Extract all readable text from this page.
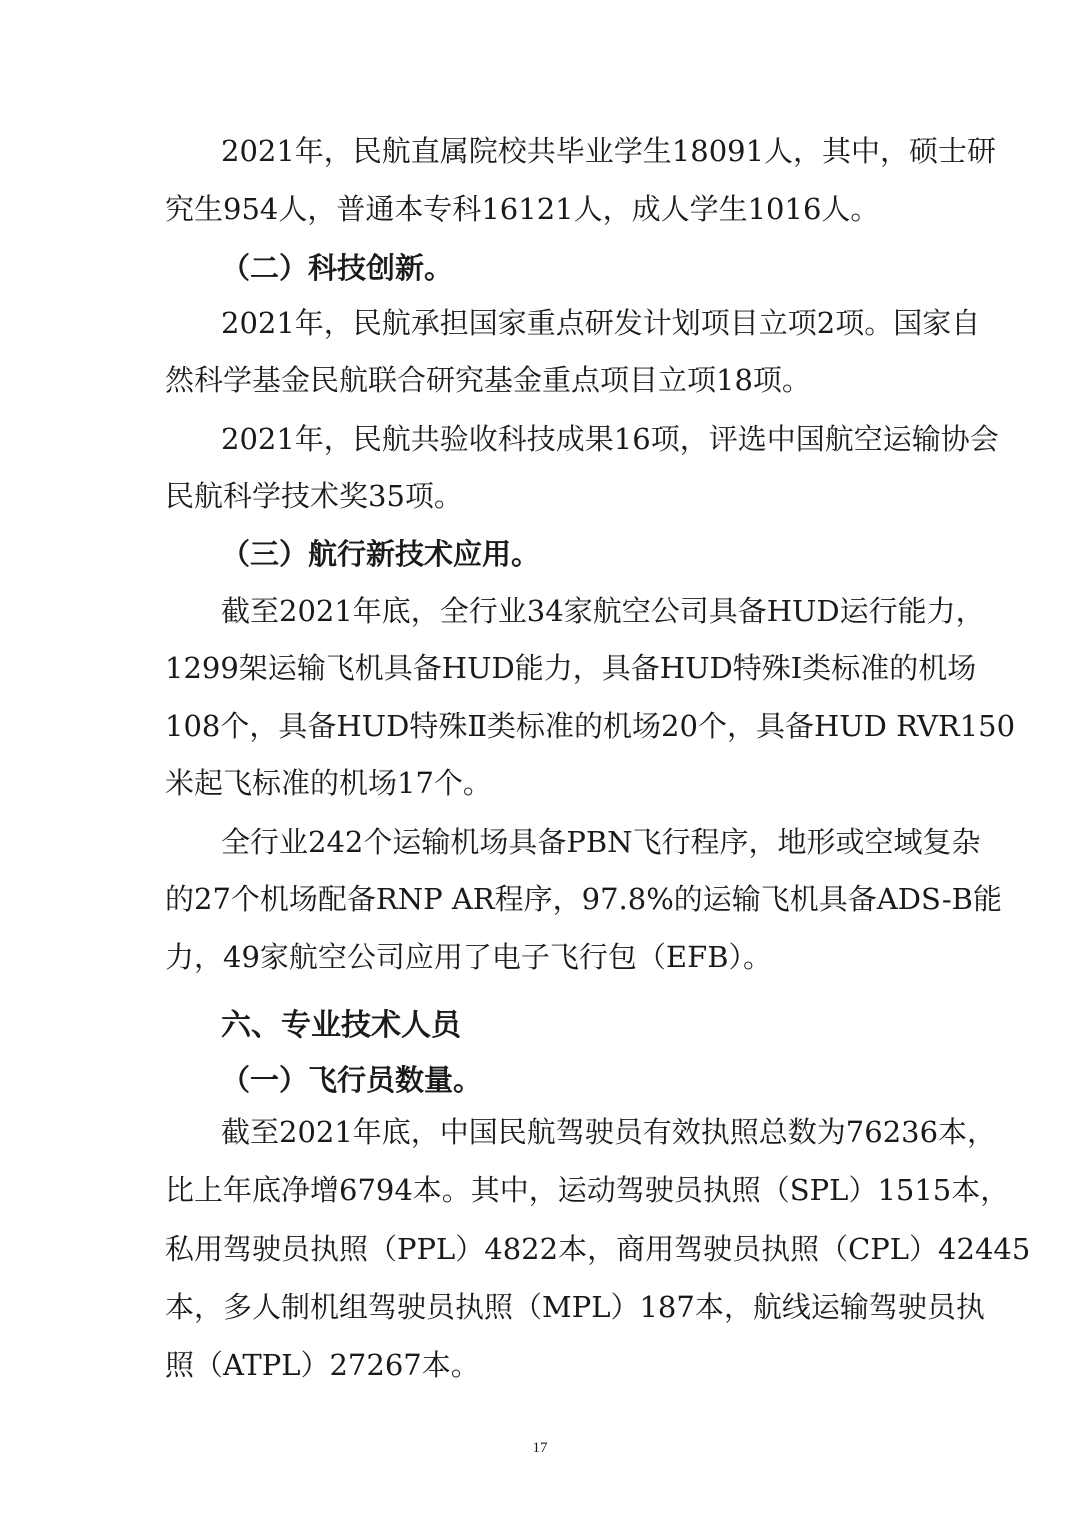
2021年，民航直属院校共毕业学生18091人，其中，硕士研
究生954人，普通本专科16121人，成人学生1016人。
（二）科技创新。
2021年，民航承担国家重点研发计划项目立项2项。国家自
然科学基金民航联合研究基金重点项目立项18项。
2021年，民航共验收科技成果16项，评选中国航空运输协会
民航科学技术奖35项。
（三）航行新技术应用。
截至2021年底，全行业34家航空公司具备HUD运行能力，
1299架运输飞机具备HUD能力，具备HUD特殊Ⅰ类标准的机场
108个，具备HUD特殊Ⅱ类标准的机场20个，具备HUD RVR150
米起飞标准的机场17个。
全行业242个运输机场具备PBN飞行程序，地形或空域复杂
的27个机场配备RNP AR程序，97.8%的运输飞机具备ADS-B能
力，49家航空公司应用了电子飞行包（EFB）。
六、专业技术人员
（一）飞行员数量。
截至2021年底，中国民航驾驶员有效执照总数为76236本，
比上年底净增6794本。其中，运动驾驶员执照（SPL）1515本，
私用驾驶员执照（PPL）4822本，商用驾驶员执照（CPL）42445
本，多人制机组驾驶员执照（MPL）187本，航线运输驾驶员执
照（ATPL）27267本。
17
